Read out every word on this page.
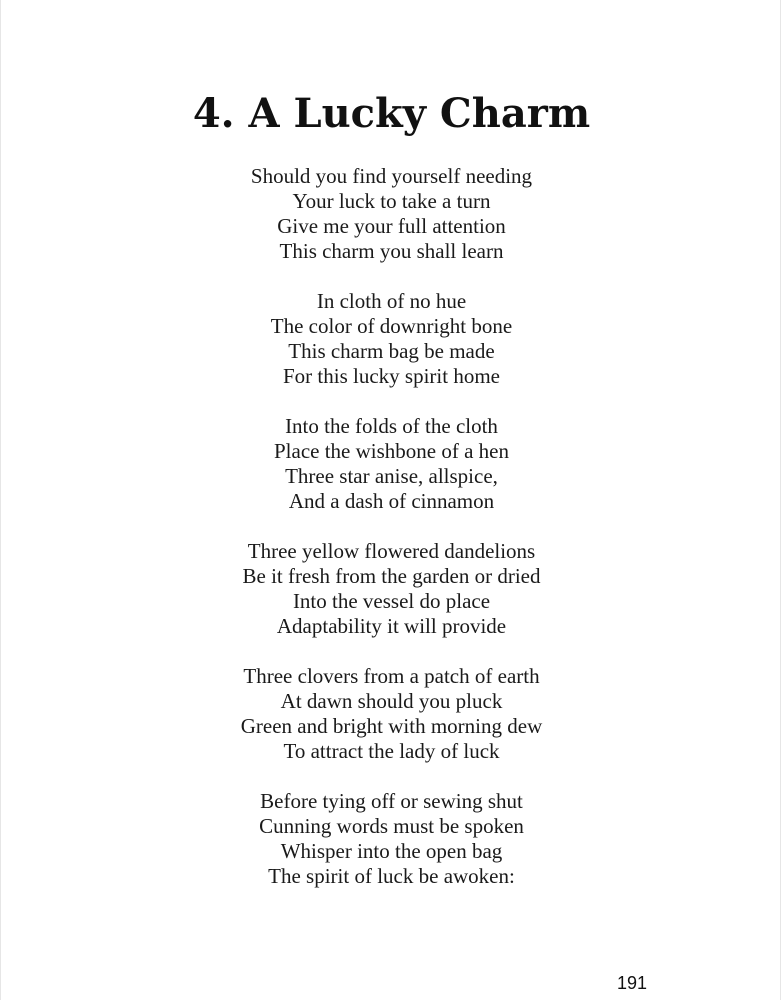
4. A Lucky Charm
Should you find yourself needing
Your luck to take a turn
Give me your full attention
This charm you shall learn
In cloth of no hue
The color of downright bone
This charm bag be made
For this lucky spirit home
Into the folds of the cloth
Place the wishbone of a hen
Three star anise, allspice,
And a dash of cinnamon
Three yellow flowered dandelions
Be it fresh from the garden or dried
Into the vessel do place
Adaptability it will provide
Three clovers from a patch of earth
At dawn should you pluck
Green and bright with morning dew
To attract the lady of luck
Before tying off or sewing shut
Cunning words must be spoken
Whisper into the open bag
The spirit of luck be awoken:
191
